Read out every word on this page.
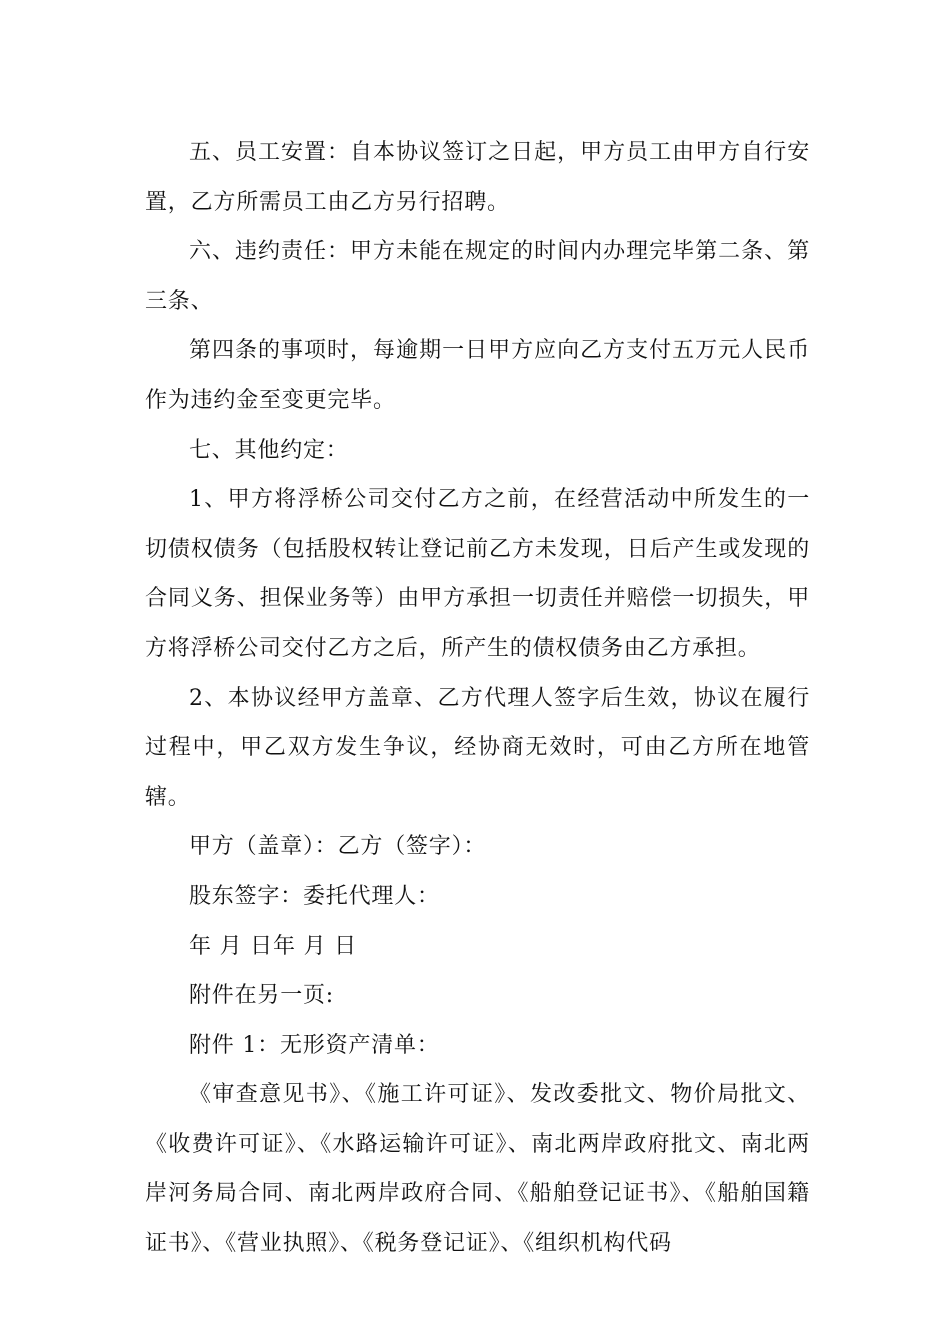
五、员工安置：自本协议签订之日起，甲方员工由甲方自行安置，乙方所需员工由乙方另行招聘。

六、违约责任：甲方未能在规定的时间内办理完毕第二条、第三条、

第四条的事项时，每逾期一日甲方应向乙方支付五万元人民币作为违约金至变更完毕。

七、其他约定：

1、甲方将浮桥公司交付乙方之前，在经营活动中所发生的一切债权债务（包括股权转让登记前乙方未发现，日后产生或发现的合同义务、担保业务等）由甲方承担一切责任并赔偿一切损失，甲方将浮桥公司交付乙方之后，所产生的债权债务由乙方承担。

2、本协议经甲方盖章、乙方代理人签字后生效，协议在履行过程中，甲乙双方发生争议，经协商无效时，可由乙方所在地管辖。

甲方（盖章）：乙方（签字）：

股东签字：委托代理人：

年 月 日年 月 日

附件在另一页:

附件 1：无形资产清单：

《审查意见书》、《施工许可证》、发改委批文、物价局批文、《收费许可证》、《水路运输许可证》、南北两岸政府批文、南北两岸河务局合同、南北两岸政府合同、《船舶登记证书》、《船舶国籍证书》、《营业执照》、《税务登记证》、《组织机构代码
